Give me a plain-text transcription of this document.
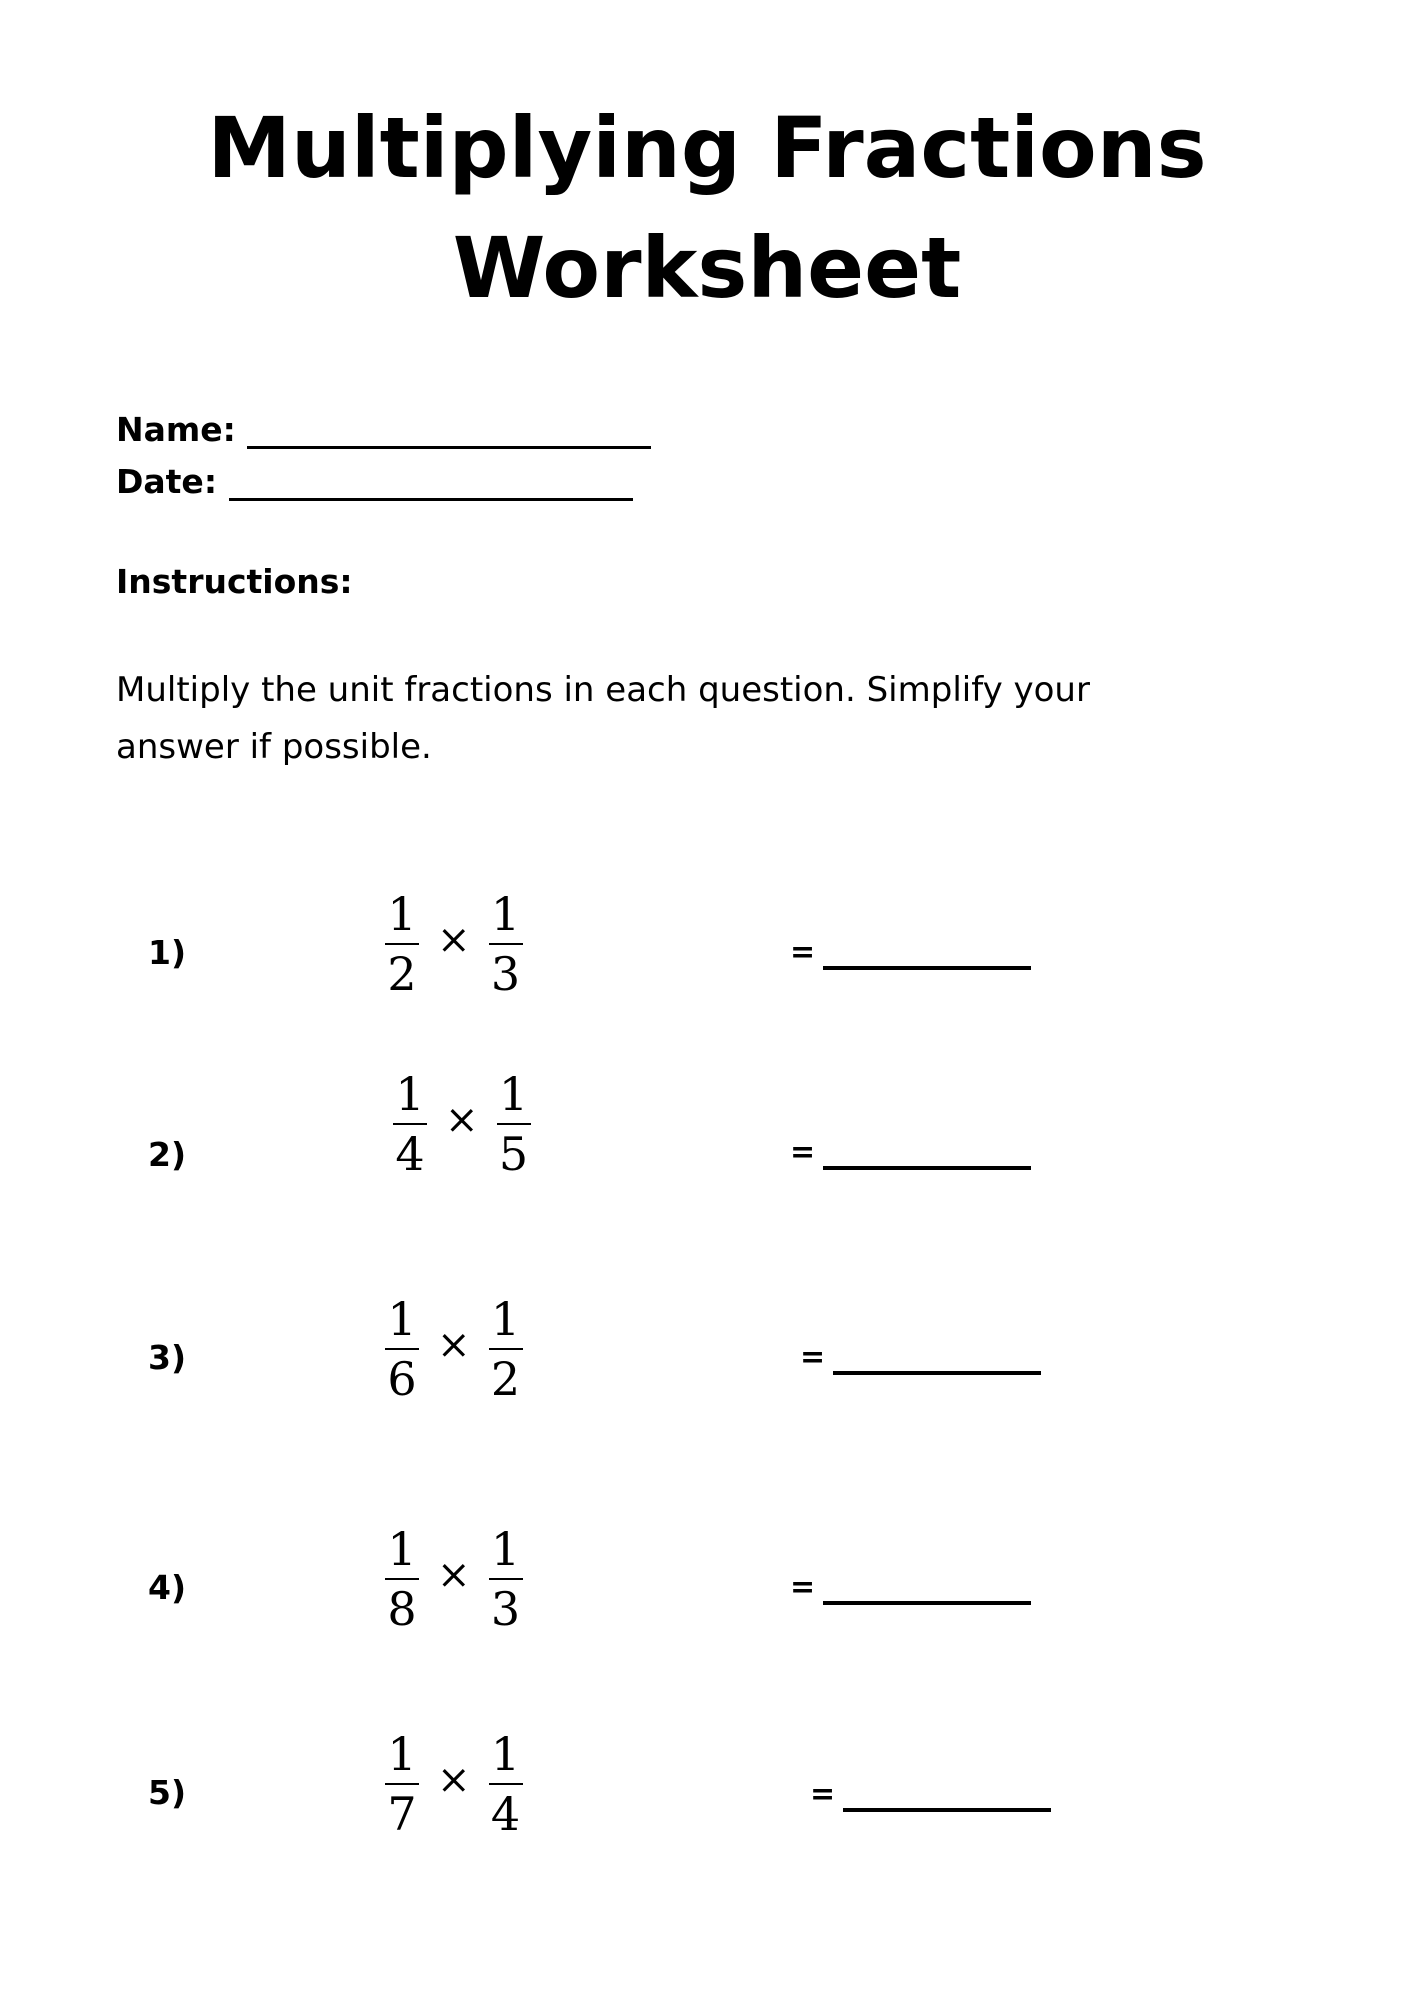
Multiplying Fractions
Worksheet
Name:
Date:
Instructions:
Multiply the unit fractions in each question. Simplify your answer if possible.
1)	$\frac{1}{2} \times \frac{1}{3}$	=
2)	$\frac{1}{4} \times \frac{1}{5}$	=
3)	$\frac{1}{6} \times \frac{1}{2}$	=
4)	$\frac{1}{8} \times \frac{1}{3}$	=
5)	$\frac{1}{7} \times \frac{1}{4}$	=
